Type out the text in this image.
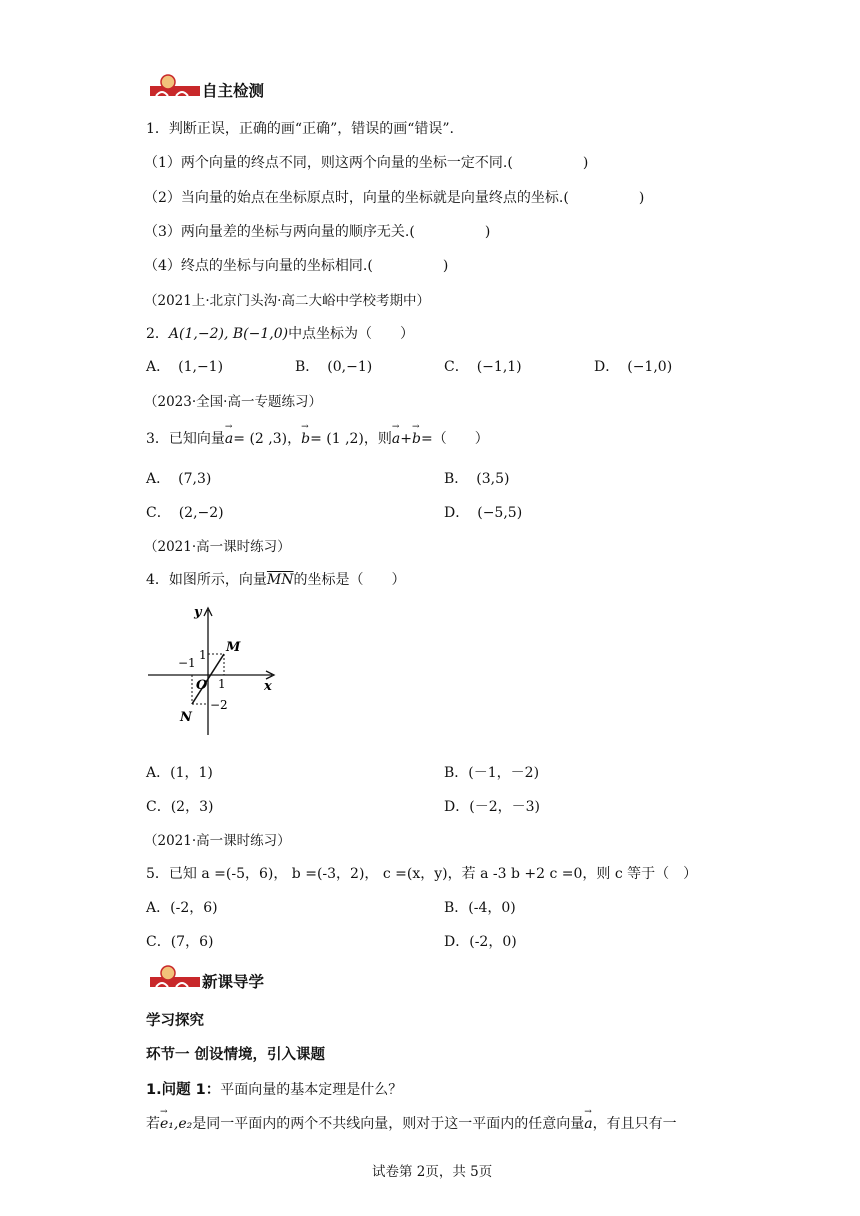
自主检测
1．判断正误，正确的画“正确”，错误的画“错误”.
（1）两个向量的终点不同，则这两个向量的坐标一定不同.(　　　　　)
（2）当向量的始点在坐标原点时，向量的坐标就是向量终点的坐标.(　　　　　)
（3）两向量差的坐标与两向量的顺序无关.(　　　　　)
（4）终点的坐标与向量的坐标相同.(　　　　　)
（2021上·北京门头沟·高二大峪中学校考期中）
2．A(1,−2), B(−1,0)中点坐标为（　　）
A． (1,−1)	B． (0,−1)	C． (−1,1)	D． (−1,0)
（2023·全国·高一专题练习）
3．已知向量→ a= (2 ,3)，→ b= (1 ,2)，则→ a+→ b=（　　）
A． (7,3)	B． (3,5)
C． (2,−2)	D． (−5,5)
（2021·高一课时练习）
4．如图所示，向量$\overline{MN}$的坐标是（　　）
y
x
M
N
O 1
1
−1
−2
A．(1，1)	B．(－1，－2)
C．(2，3)	D．(－2，－3)
（2021·高一课时练习）
5．已知 a =(-5，6)， b =(-3，2)， c =(x，y)，若 a -3 b +2 c =0，则 c 等于（　）
A．(-2，6)	B．(-4，0)
C．(7，6)	D．(-2，0)
新课导学
学习探究
环节一 创设情境，引入课题
1.问题 1：平面向量的基本定理是什么？
若→ e₁,e₂是同一平面内的两个不共线向量，则对于这一平面内的任意向量→ a，有且只有一
试卷第 2页，共 5页
